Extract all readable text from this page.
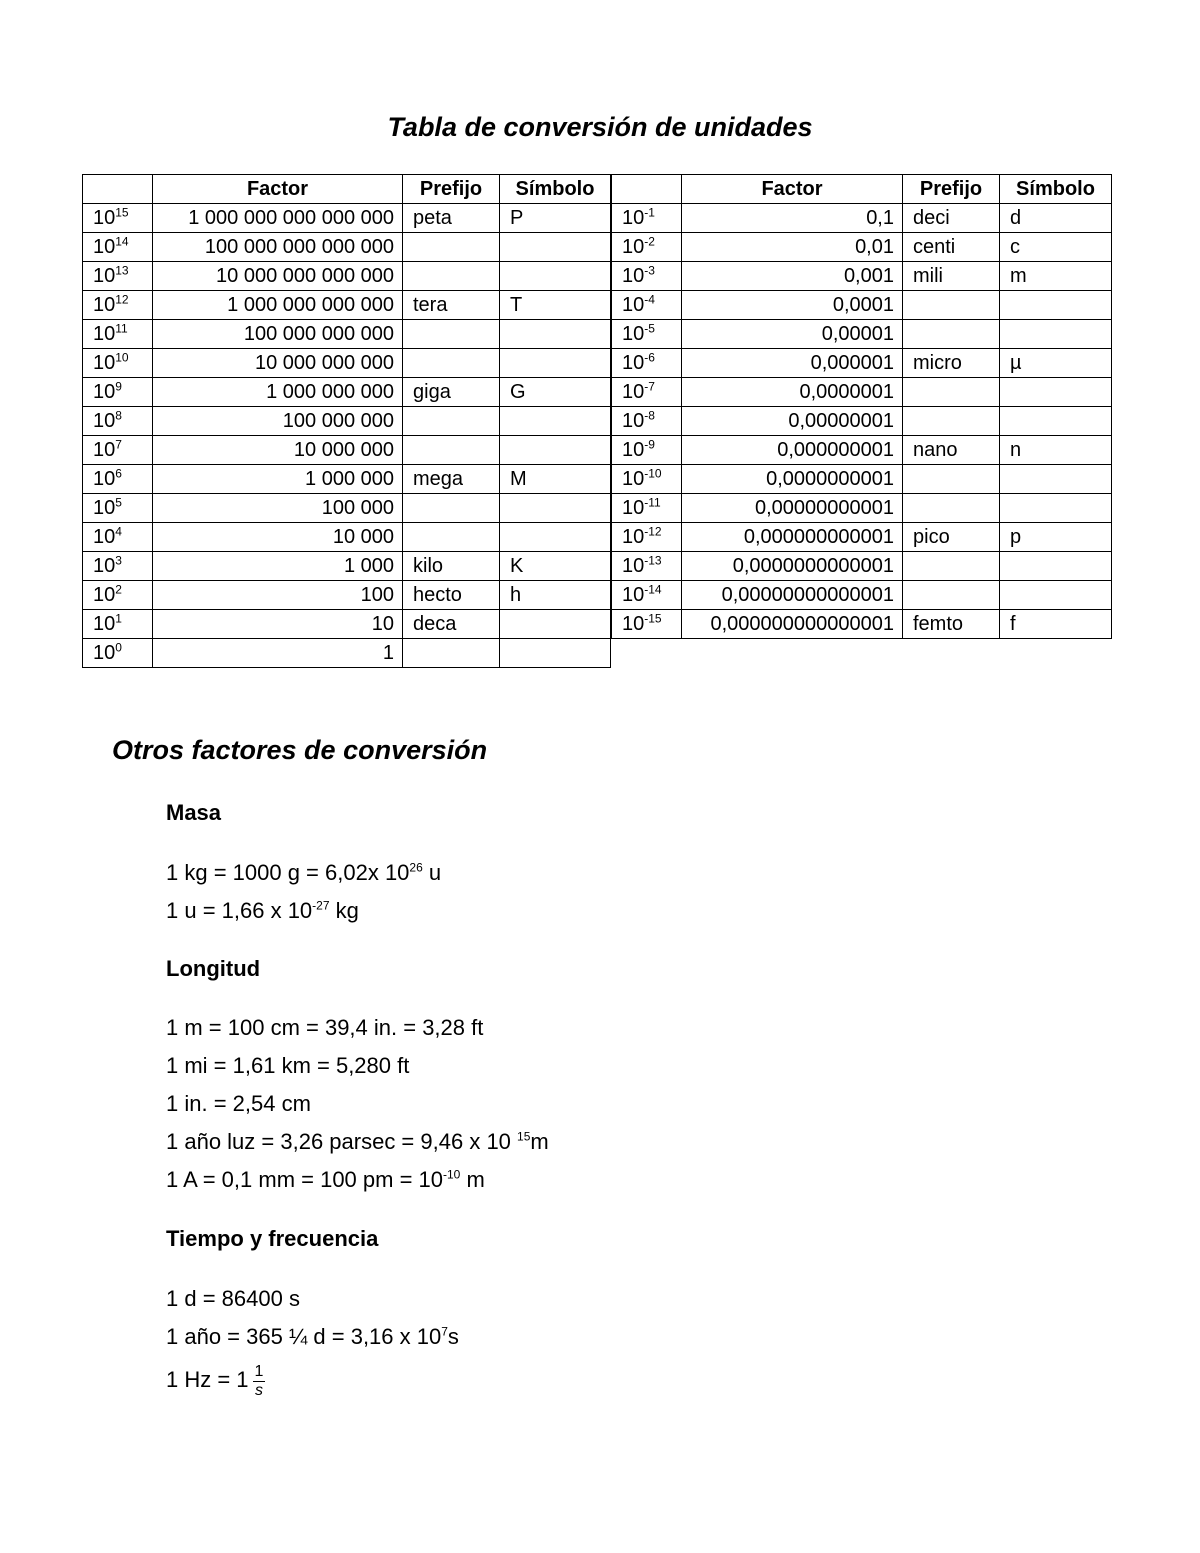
Tabla de conversión de unidades
	Factor	Prefijo	Símbolo
$10^{15}$	1 000 000 000 000 000	peta	P
$10^{14}$	100 000 000 000 000		
$10^{13}$	10 000 000 000 000		
$10^{12}$	1 000 000 000 000	tera	T
$10^{11}$	100 000 000 000		
$10^{10}$	10 000 000 000		
$10^9$	1 000 000 000	giga	G
$10^8$	100 000 000		
$10^7$	10 000 000		
$10^6$	1 000 000	mega	M
$10^5$	100 000		
$10^4$	10 000		
$10^3$	1 000	kilo	K
$10^2$	100	hecto	h
$10^1$	10	deca	
$10^0$	1		
	Factor	Prefijo	Símbolo
$10^{-1}$	0,1	deci	d
$10^{-2}$	0,01	centi	c
$10^{-3}$	0,001	mili	m
$10^{-4}$	0,0001		
$10^{-5}$	0,00001		
$10^{-6}$	0,000001	micro	µ
$10^{-7}$	0,0000001		
$10^{-8}$	0,00000001		
$10^{-9}$	0,000000001	nano	n
$10^{-10}$	0,0000000001		
$10^{-11}$	0,00000000001		
$10^{-12}$	0,000000000001	pico	p
$10^{-13}$	0,0000000000001		
$10^{-14}$	0,00000000000001		
$10^{-15}$	0,000000000000001	femto	f
Otros factores de conversión
Masa
1 kg = 1000 g = 6,02x $10^{26}$ u
1 u = 1,66 x $10^{-27}$ kg
Longitud
1 m = 100 cm = 39,4 in. = 3,28 ft
1 mi = 1,61 km = 5,280 ft
1 in. = 2,54 cm
1 año luz = 3,26 parsec = 9,46 x 10 $^{15}$m
1 A = 0,1 mm = 100 pm = $10^{-10}$ m
Tiempo y frecuencia
1 d = 86400 s
1 año = 365 ¼ d = 3,16 x $10^7s$
1 $Hz = 1 \frac{1}{s}$
